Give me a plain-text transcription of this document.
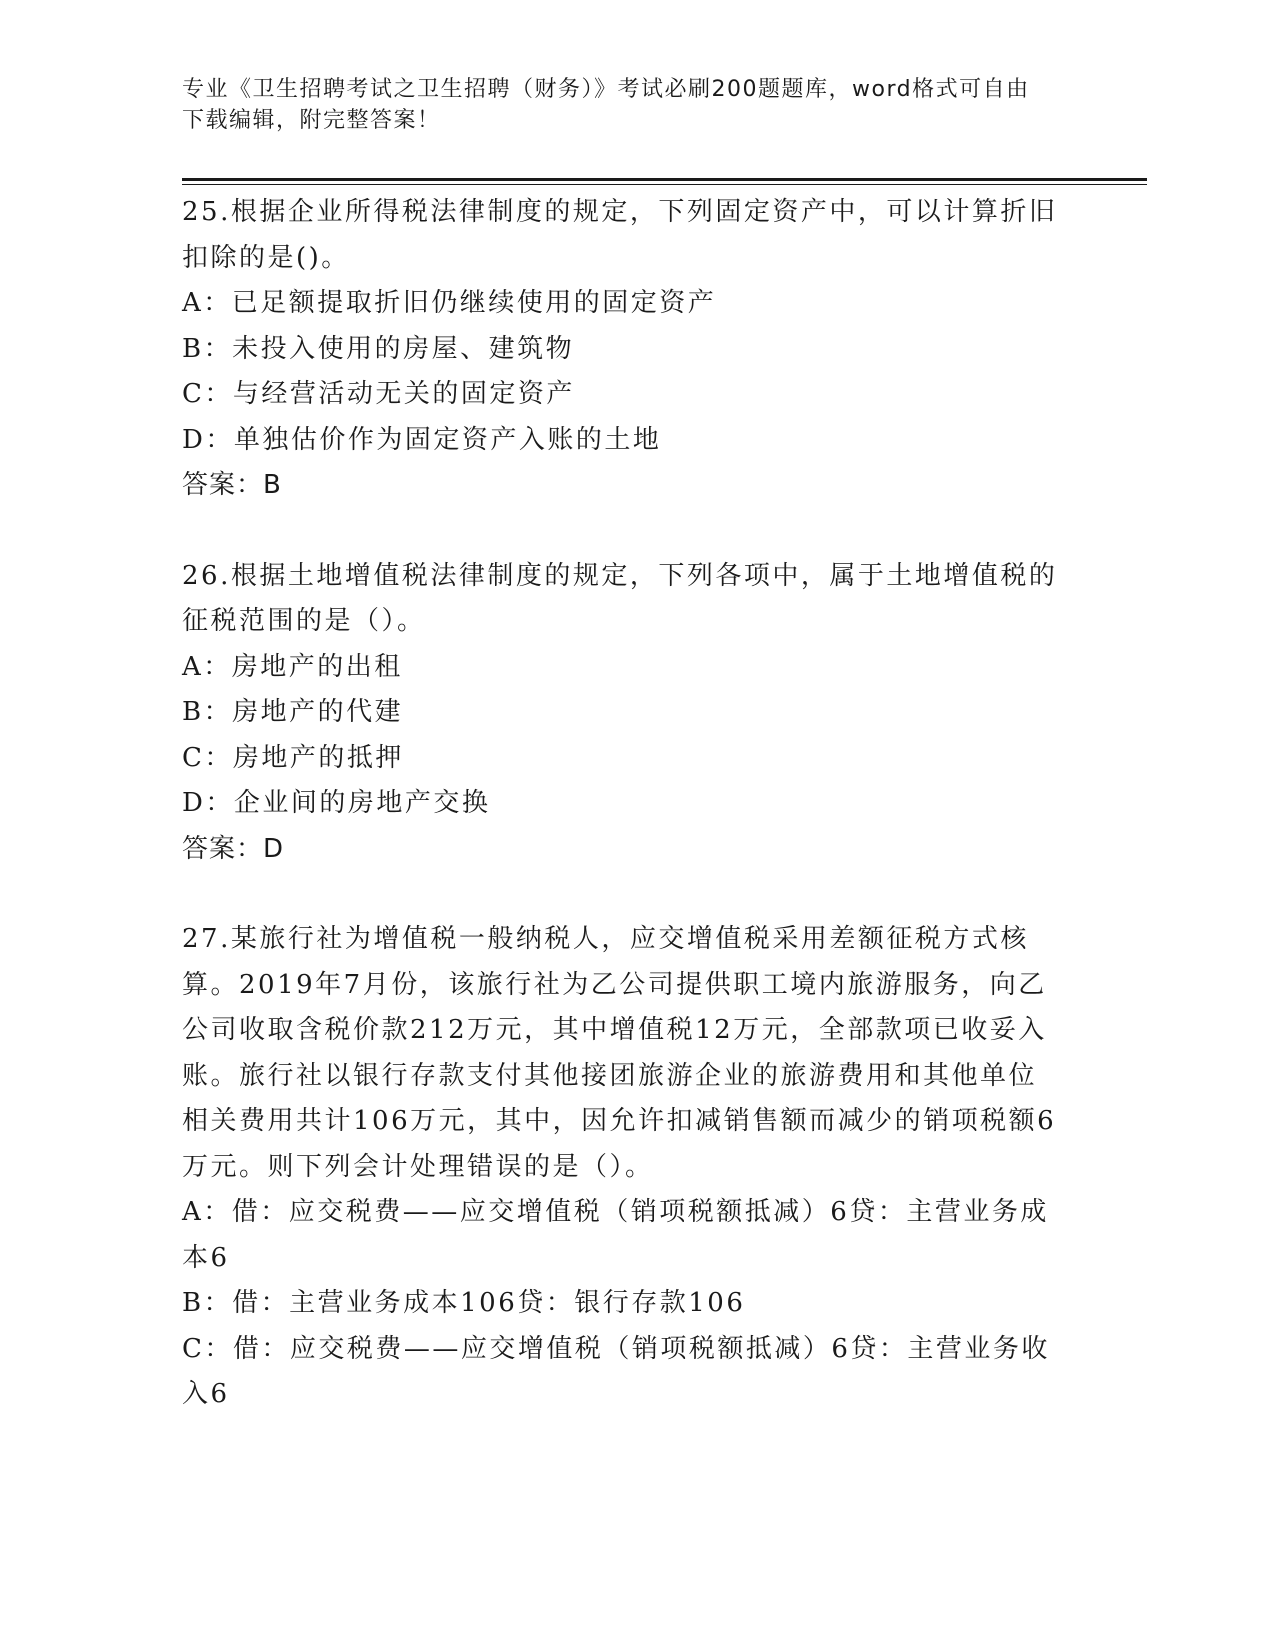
专业《卫生招聘考试之卫生招聘（财务）》考试必刷200题题库，word格式可自由下载编辑，附完整答案！

25.根据企业所得税法律制度的规定，下列固定资产中，可以计算折旧扣除的是()。

A：已足额提取折旧仍继续使用的固定资产

B：未投入使用的房屋、建筑物

C：与经营活动无关的固定资产

D：单独估价作为固定资产入账的土地

答案：B

26.根据土地增值税法律制度的规定，下列各项中，属于土地增值税的征税范围的是（）。

A：房地产的出租

B：房地产的代建

C：房地产的抵押

D：企业间的房地产交换

答案：D

27.某旅行社为增值税一般纳税人，应交增值税采用差额征税方式核算。2019年7月份，该旅行社为乙公司提供职工境内旅游服务，向乙公司收取含税价款212万元，其中增值税12万元，全部款项已收妥入账。旅行社以银行存款支付其他接团旅游企业的旅游费用和其他单位相关费用共计106万元，其中，因允许扣减销售额而减少的销项税额6万元。则下列会计处理错误的是（）。

A：借：应交税费——应交增值税（销项税额抵减）6贷：主营业务成本6

B：借：主营业务成本106贷：银行存款106

C：借：应交税费——应交增值税（销项税额抵减）6贷：主营业务收入6
